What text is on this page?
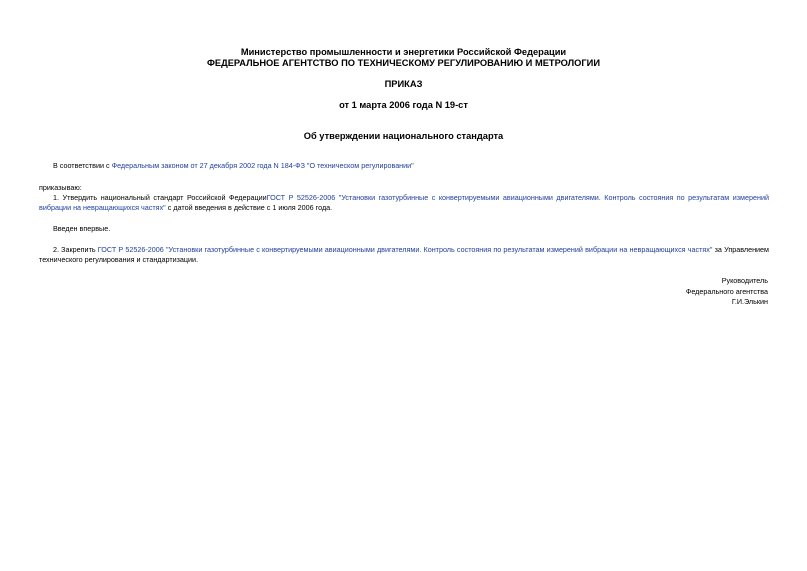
Министерство промышленности и энергетики Российской Федерации
ФЕДЕРАЛЬНОЕ АГЕНТСТВО ПО ТЕХНИЧЕСКОМУ РЕГУЛИРОВАНИЮ И МЕТРОЛОГИИ
ПРИКАЗ
от 1 марта 2006 года N 19-ст
Об утверждении национального стандарта
В соответствии с Федеральным законом от 27 декабря 2002 года N 184-ФЗ "О техническом регулировании"
приказываю:
1. Утвердить национальный стандарт Российской ФедерацииГОСТ Р 52526-2006 "Установки газотурбинные с конвертируемыми авиационными двигателями. Контроль состояния по результатам измерений вибрации на невращающихся частях" с датой введения в действие с 1 июля 2006 года.
Введен впервые.
2. Закрепить ГОСТ Р 52526-2006 "Установки газотурбинные с конвертируемыми авиационными двигателями. Контроль состояния по результатам измерений вибрации на невращающихся частях" за Управлением технического регулирования и стандартизации.
Руководитель
Федерального агентства
Г.И.Элькин
